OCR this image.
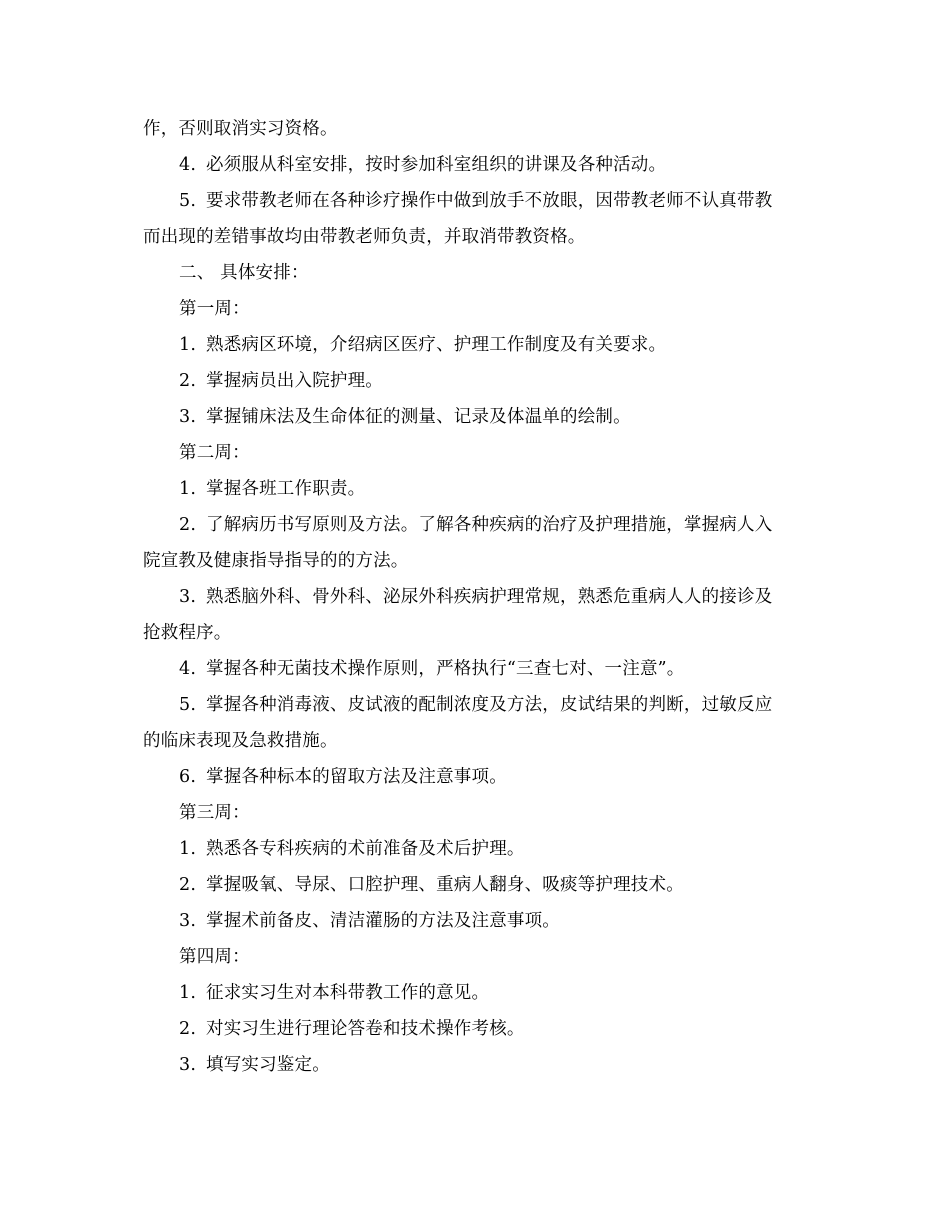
作，否则取消实习资格。
4. 必须服从科室安排，按时参加科室组织的讲课及各种活动。
5. 要求带教老师在各种诊疗操作中做到放手不放眼，因带教老师不认真带教
而出现的差错事故均由带教老师负责，并取消带教资格。
二、 具体安排：
第一周：
1. 熟悉病区环境，介绍病区医疗、护理工作制度及有关要求。
2. 掌握病员出入院护理。
3. 掌握铺床法及生命体征的测量、记录及体温单的绘制。
第二周：
1. 掌握各班工作职责。
2. 了解病历书写原则及方法。了解各种疾病的治疗及护理措施，掌握病人入
院宣教及健康指导指导的的方法。
3. 熟悉脑外科、骨外科、泌尿外科疾病护理常规，熟悉危重病人人的接诊及
抢救程序。
4. 掌握各种无菌技术操作原则，严格执行“三查七对、一注意”。
5. 掌握各种消毒液、皮试液的配制浓度及方法，皮试结果的判断，过敏反应
的临床表现及急救措施。
6. 掌握各种标本的留取方法及注意事项。
第三周：
1. 熟悉各专科疾病的术前准备及术后护理。
2. 掌握吸氧、导尿、口腔护理、重病人翻身、吸痰等护理技术。
3. 掌握术前备皮、清洁灌肠的方法及注意事项。
第四周：
1. 征求实习生对本科带教工作的意见。
2. 对实习生进行理论答卷和技术操作考核。
3. 填写实习鉴定。
